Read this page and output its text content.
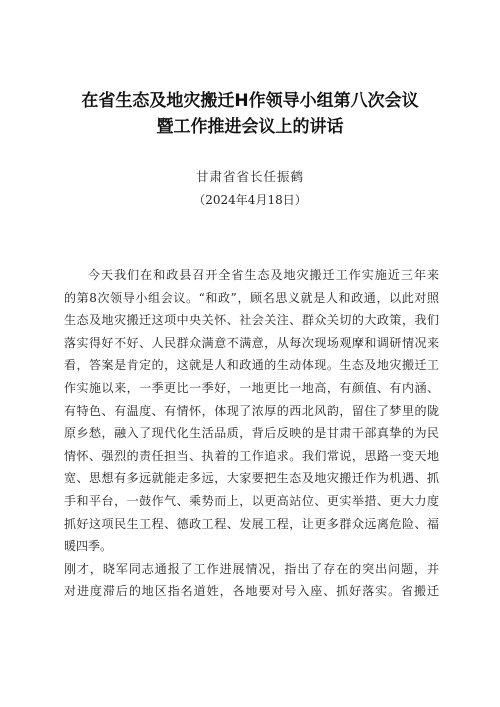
在省生态及地灾搬迁H作领导小组第八次会议
暨工作推进会议上的讲话
甘肃省省长任振鹤
（2024年4月18日）
今天我们在和政县召开全省生态及地灾搬迁工作实施近三年来
的第8次领导小组会议。“和政”，顾名思义就是人和政通，以此对照
生态及地灾搬迁这项中央关怀、社会关注、群众关切的大政策，我们
落实得好不好、人民群众满意不满意，从每次现场观摩和调研情况来
看，答案是肯定的，这就是人和政通的生动体现。生态及地灾搬迁工
作实施以来，一季更比一季好，一地更比一地高，有颜值、有内涵、
有特色、有温度、有情怀，体现了浓厚的西北风韵，留住了梦里的陇
原乡愁，融入了现代化生活品质，背后反映的是甘肃干部真挚的为民
情怀、强烈的责任担当、执着的工作追求。我们常说，思路一变天地
宽、思想有多远就能走多远，大家要把生态及地灾搬迁作为机遇、抓
手和平台，一鼓作气、乘势而上，以更高站位、更实举措、更大力度
抓好这项民生工程、德政工程、发展工程，让更多群众远离危险、福
暖四季。
刚才，晓军同志通报了工作进展情况，指出了存在的突出问题，并
对进度滞后的地区指名道姓，各地要对号入座、抓好落实。省搬迁
